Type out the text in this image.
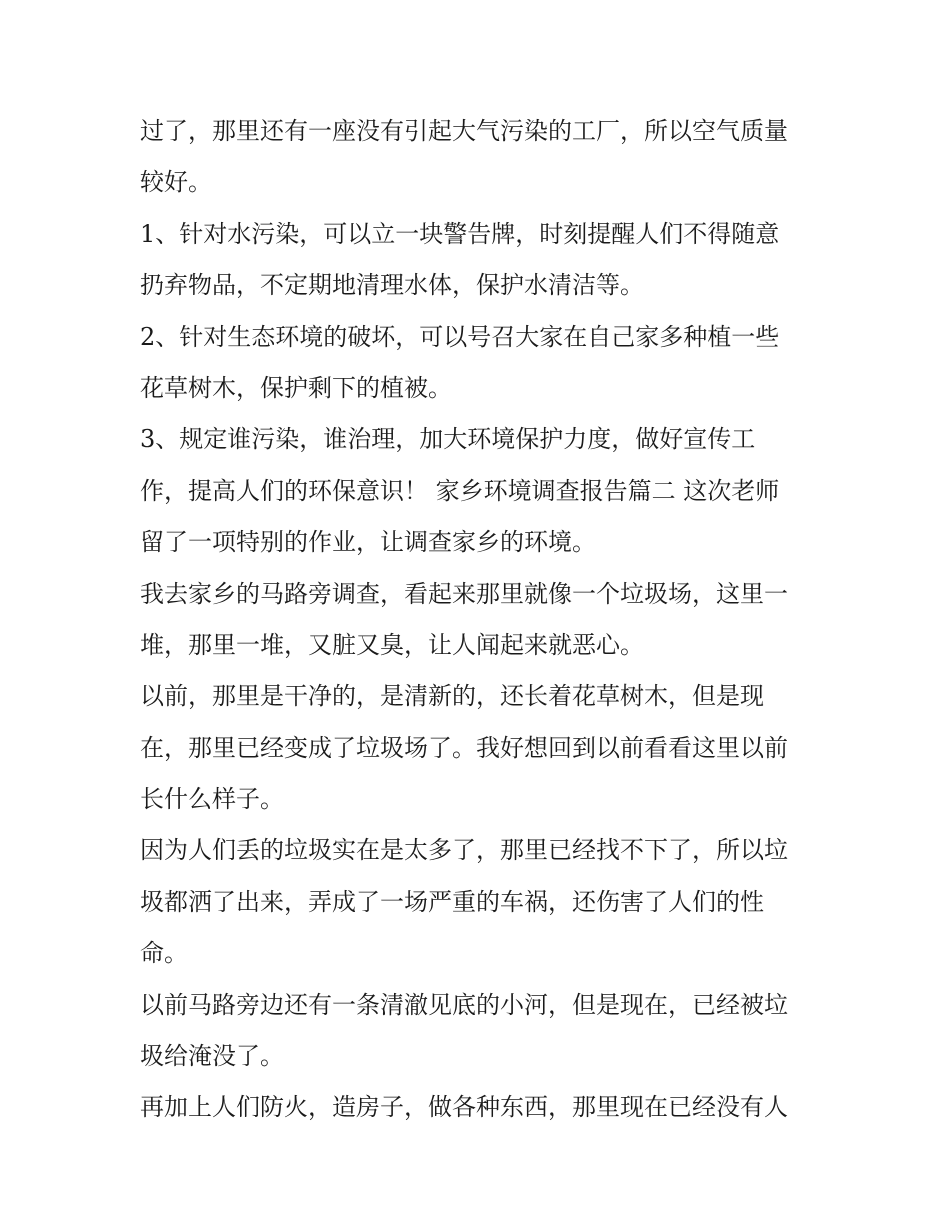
过了，那里还有一座没有引起大气污染的工厂，所以空气质量
较好。
1、针对水污染，可以立一块警告牌，时刻提醒人们不得随意
扔弃物品，不定期地清理水体，保护水清洁等。
2、针对生态环境的破坏，可以号召大家在自己家多种植一些
花草树木，保护剩下的植被。
3、规定谁污染，谁治理，加大环境保护力度，做好宣传工
作，提高人们的环保意识！ 家乡环境调查报告篇二 这次老师
留了一项特别的作业，让调查家乡的环境。
我去家乡的马路旁调查，看起来那里就像一个垃圾场，这里一
堆，那里一堆，又脏又臭，让人闻起来就恶心。
以前，那里是干净的，是清新的，还长着花草树木，但是现
在，那里已经变成了垃圾场了。我好想回到以前看看这里以前
长什么样子。
因为人们丢的垃圾实在是太多了，那里已经找不下了，所以垃
圾都洒了出来，弄成了一场严重的车祸，还伤害了人们的性
命。
以前马路旁边还有一条清澈见底的小河，但是现在，已经被垃
圾给淹没了。
再加上人们防火，造房子，做各种东西，那里现在已经没有人
